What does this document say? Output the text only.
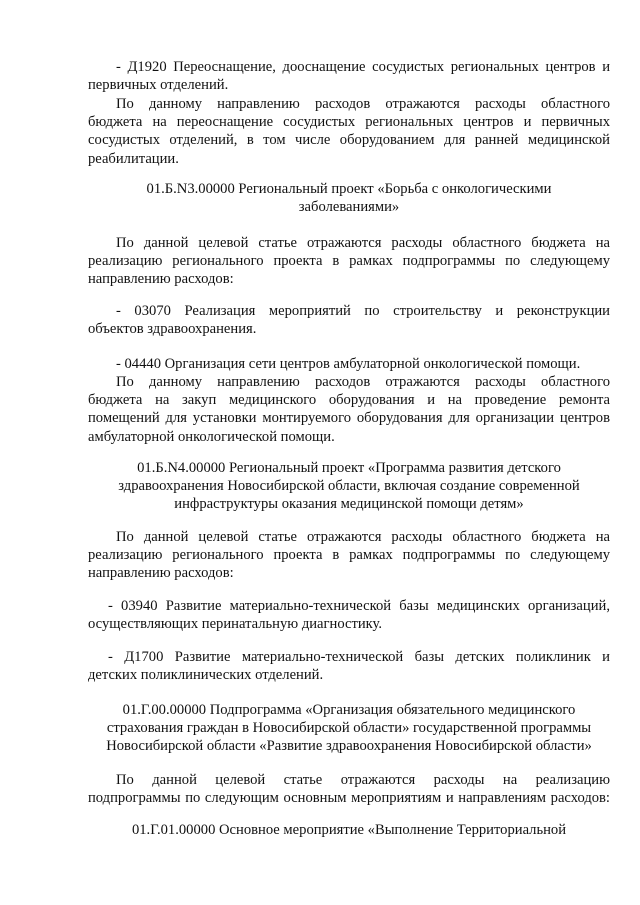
- Д1920 Переоснащение, дооснащение сосудистых региональных центров и
первичных отделений.
По данному направлению расходов отражаются расходы областного
бюджета на переоснащение сосудистых региональных центров и первичных
сосудистых отделений, в том числе оборудованием для ранней медицинской
реабилитации.
01.Б.N3.00000 Региональный проект «Борьба с онкологическими
заболеваниями»
По данной целевой статье отражаются расходы областного бюджета на
реализацию регионального проекта в рамках подпрограммы по следующему
направлению расходов:
- 03070 Реализация мероприятий по строительству и реконструкции
объектов здравоохранения.
- 04440 Организация сети центров амбулаторной онкологической помощи.
По данному направлению расходов отражаются расходы областного
бюджета на закуп медицинского оборудования и на проведение ремонта
помещений для установки монтируемого оборудования для организации центров
амбулаторной онкологической помощи.
01.Б.N4.00000 Региональный проект «Программа развития детского
здравоохранения Новосибирской области, включая создание современной
инфраструктуры оказания медицинской помощи детям»
По данной целевой статье отражаются расходы областного бюджета на
реализацию регионального проекта в рамках подпрограммы по следующему
направлению расходов:
- 03940 Развитие материально-технической базы медицинских организаций,
осуществляющих перинатальную диагностику.
- Д1700 Развитие материально-технической базы детских поликлиник и
детских поликлинических отделений.
01.Г.00.00000 Подпрограмма «Организация обязательного медицинского
страхования граждан в Новосибирской области» государственной программы
Новосибирской области «Развитие здравоохранения Новосибирской области»
По данной целевой статье отражаются расходы на реализацию
подпрограммы по следующим основным мероприятиям и направлениям расходов:
01.Г.01.00000 Основное мероприятие «Выполнение Территориальной
